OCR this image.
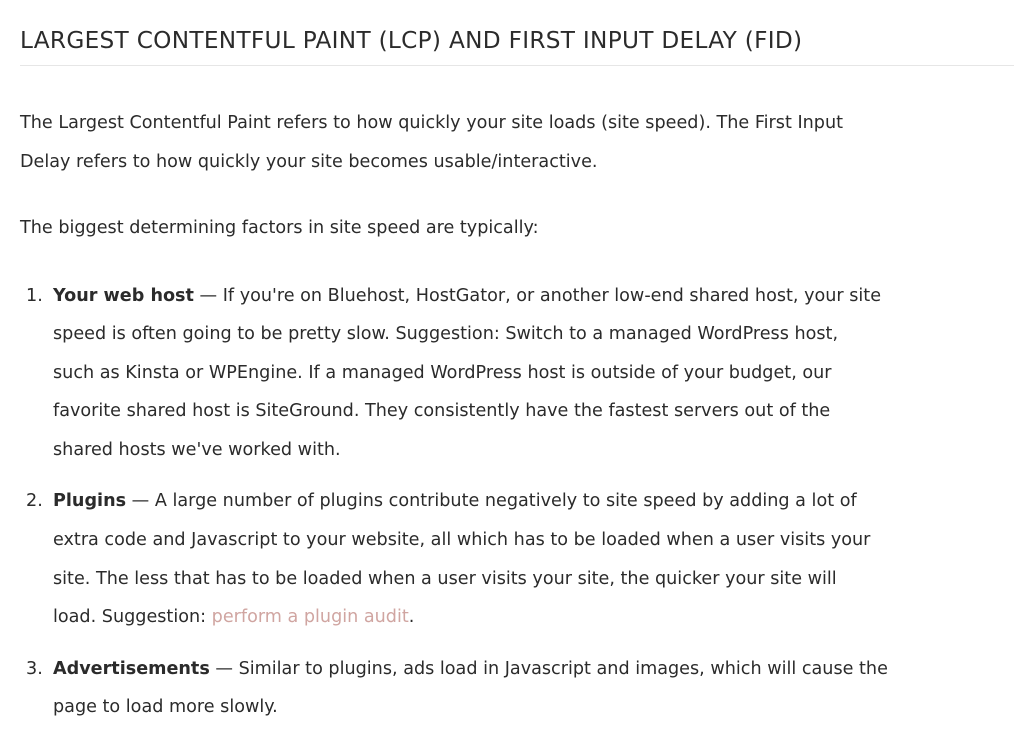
LARGEST CONTENTFUL PAINT (LCP) AND FIRST INPUT DELAY (FID)

The Largest Contentful Paint refers to how quickly your site loads (site speed). The First Input
Delay refers to how quickly your site becomes usable/interactive.

The biggest determining factors in site speed are typically:

1. Your web host — If you're on Bluehost, HostGator, or another low-end shared host, your site
speed is often going to be pretty slow. Suggestion: Switch to a managed WordPress host,
such as Kinsta or WPEngine. If a managed WordPress host is outside of your budget, our
favorite shared host is SiteGround. They consistently have the fastest servers out of the
shared hosts we've worked with.
2. Plugins — A large number of plugins contribute negatively to site speed by adding a lot of
extra code and Javascript to your website, all which has to be loaded when a user visits your
site. The less that has to be loaded when a user visits your site, the quicker your site will
load. Suggestion: perform a plugin audit.
3. Advertisements — Similar to plugins, ads load in Javascript and images, which will cause the
page to load more slowly.
